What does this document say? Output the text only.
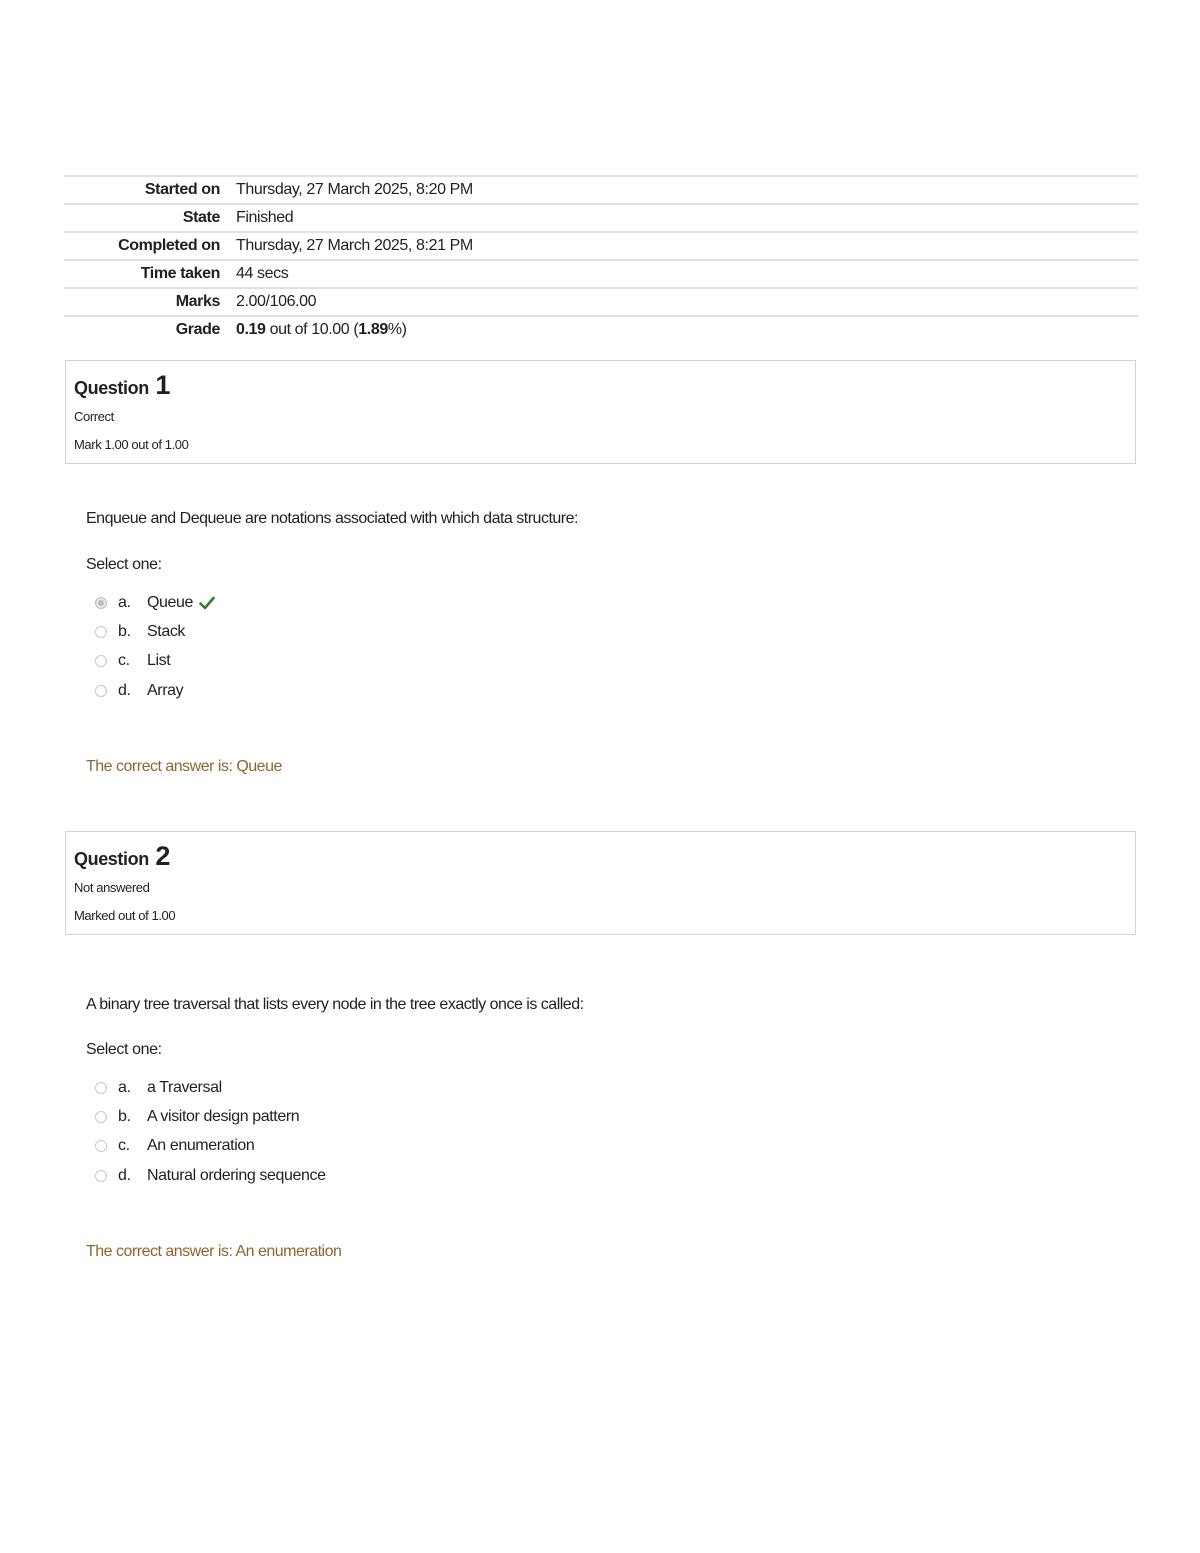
Started on	Thursday, 27 March 2025, 8:20 PM
State	Finished
Completed on	Thursday, 27 March 2025, 8:21 PM
Time taken	44 secs
Marks	2.00/106.00
Grade	0.19 out of 10.00 (1.89%)
Question 1
Correct
Mark 1.00 out of 1.00
Enqueue and Dequeue are notations associated with which data structure:
Select one:
a.	Queue
b.	Stack
c.	List
d.	Array
The correct answer is: Queue
Question 2
Not answered
Marked out of 1.00
A binary tree traversal that lists every node in the tree exactly once is called:
Select one:
a.	a Traversal
b.	A visitor design pattern
c.	An enumeration
d.	Natural ordering sequence
The correct answer is: An enumeration
